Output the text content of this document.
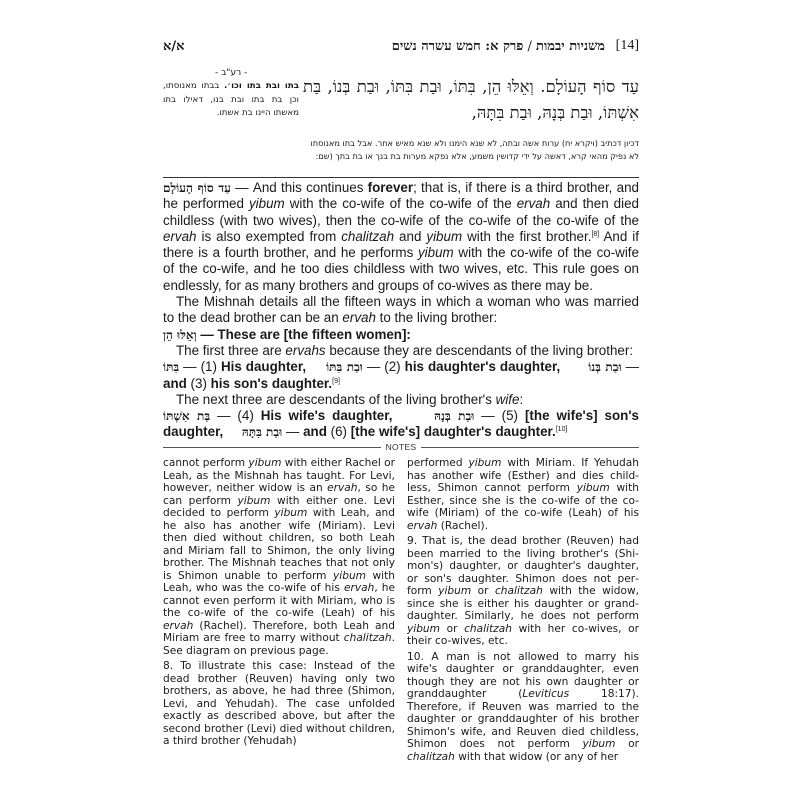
[14]
משניות יבמות / פרק א: חמש עשרה נשים
א/א
- רע"ב -
בתו ובת בתו וכו׳. בבתו מאנוסתו, וכן בת בתו ובת בנו, דאילו בתו מאשתו היינו בת אשתו.
עַד סוֹף הָעוֹלָם. וְאֵלּוּ הֵן, בִּתּוֹ, וּבַת בִּתּוֹ, וּבַת בְּנוֹ, בַּת אִשְׁתּוֹ, וּבַת בְּנָהּ, וּבַת בִּתָּהּ,
דכיון דכתיב (ויקרא יח) ערות אשה ובתה, לא שנא הימנו ולא שנא מאיש אחר. אבל בתו מאנוסתו
לא נפיק מהאי קרא, דאשה על ידי קדושין משמע, אלא נפקא מערות בת בנך או בת בתך (שם:

עַד סוֹף הָעוֹלָם — And this continues forever; that is, if there is a third brother, and he performed yibum with the co-wife of the co-wife of the ervah and then died childless (with two wives), then the co-wife of the co-wife of the co-wife of the ervah is also exempted from chalitzah and yibum with the first brother.[8] And if there is a fourth brother, and he performs yibum with the co-wife of the co-wife of the co-wife, and he too dies childless with two wives, etc. This rule goes on endlessly, for as many brothers and groups of co-wives as there may be.

The Mishnah details all the fifteen ways in which a woman who was married to the dead brother can be an ervah to the living brother:

וְאֵלּוּ הֵן — These are [the fifteen women]:

The first three are ervahs because they are descendants of the living brother:

בִּתּוֹ — (1) His daughter, וּבַת בִּתּוֹ — (2) his daughter's daughter, וּבַת בְּנוֹ — and (3) his son's daughter.[9]

The next three are descendants of the living brother's wife:

בַּת אִשְׁתּוֹ — (4) His wife's daughter,	וּבַת בְּנָהּ — (5) [the wife's] son's daughter, וּבַת בִּתָּהּ — and (6) [the wife's] daughter's daughter.[10]

NOTES

cannot perform yibum with either Rachel or Leah, as the Mishnah has taught. For Levi, however, neither widow is an ervah, so he can perform yibum with either one. Levi decided to perform yibum with Leah, and he also has another wife (Miriam). Levi then died without children, so both Leah and Miriam fall to Shimon, the only living brother. The Mishnah teaches that not only is Shimon unable to perform yibum with Leah, who was the co-wife of his ervah, he cannot even perform it with Miriam, who is the co-wife of the co-wife (Leah) of his ervah (Rachel). Therefore, both Leah and Miriam are free to marry without chalitzah. See diagram on previous page.

8. To illustrate this case: Instead of the dead brother (Reuven) having only two brothers, as above, he had three (Shimon, Levi, and Yehudah). The case unfolded exactly as described above, but after the second brother (Levi) died without children, a third brother (Yehudah)

performed yibum with Miriam. If Yehudah has another wife (Esther) and dies childless, Shimon cannot perform yibum with Esther, since she is the co-wife of the co-wife (Miriam) of the co-wife (Leah) of his ervah (Rachel).

9. That is, the dead brother (Reuven) had been married to the living brother's (Shimon's) daughter, or daughter's daughter, or son's daughter. Shimon does not perform yibum or chalitzah with the widow, since she is either his daughter or granddaughter. Similarly, he does not perform yibum or chalitzah with her co-wives, or their co-wives, etc.

10. A man is not allowed to marry his wife's daughter or granddaughter, even though they are not his own daughter or granddaughter (Leviticus 18:17). Therefore, if Reuven was married to the daughter or granddaughter of his brother Shimon's wife, and Reuven died childless, Shimon does not perform yibum or chalitzah with that widow (or any of her
